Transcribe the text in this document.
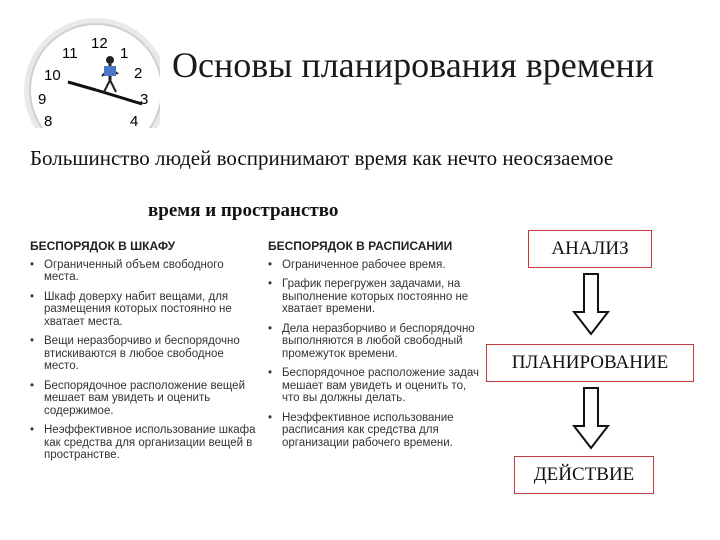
12
1
2
3
4
8
9
10
11	Основы планирования времени
Большинство людей воспринимают время как нечто неосязаемое
время и пространство
БЕСПОРЯДОК В ШКАФУ
• Ограниченный объем свободного места.
• Шкаф доверху набит вещами, для размещения которых постоянно не хватает места.
• Вещи неразборчиво и беспорядочно втискиваются в любое свободное место.
• Беспорядочное расположение вещей мешает вам увидеть и оценить содержимое.
• Неэффективное использование шкафа как средства для организации вещей в пространстве.
БЕСПОРЯДОК В РАСПИСАНИИ
• Ограниченное рабочее время.
• График перегружен задачами, на выполнение которых постоянно не хватает времени.
• Дела неразборчиво и беспорядочно выполняются в любой свободный промежуток времени.
• Беспорядочное расположение задач мешает вам увидеть и оценить то, что вы должны делать.
• Неэффективное использование расписания как средства для организации рабочего времени.
АНАЛИЗ
ПЛАНИРОВАНИЕ
ДЕЙСТВИЕ
